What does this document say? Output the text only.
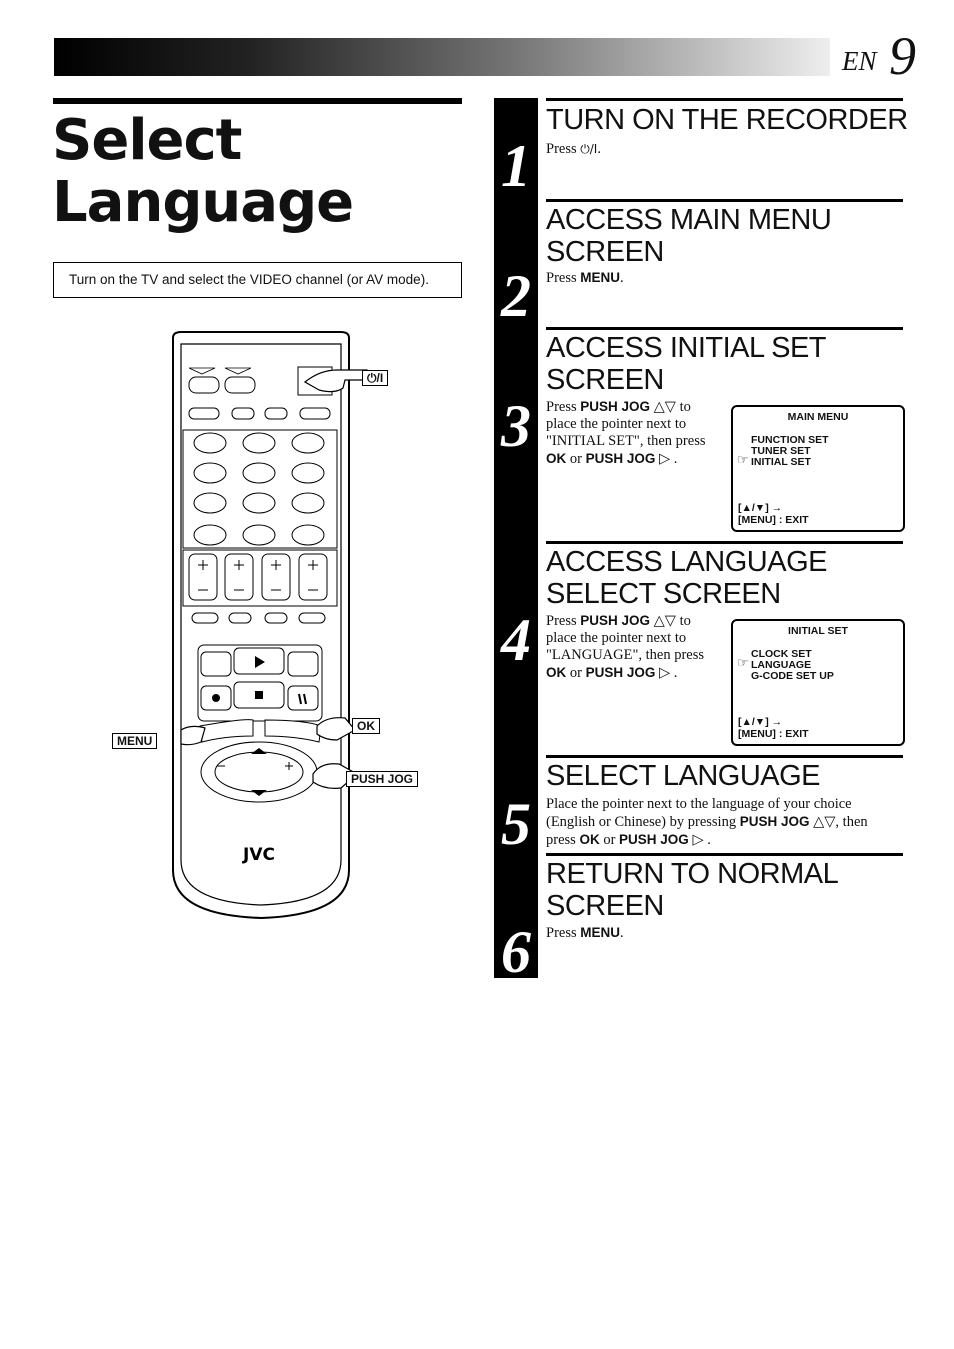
EN 9
Select
Language
Turn on the TV and select the VIDEO channel (or AV mode).
JVC
⏻/I
OK
MENU
PUSH JOG
1
2
3
4
5
6
TURN ON THE RECORDER
Press ⏻/I.
ACCESS MAIN MENU
SCREEN
Press MENU.
ACCESS INITIAL SET
SCREEN
Press PUSH JOG △▽ to
place the pointer next to
"INITIAL SET", then press
OK or PUSH JOG ▷ .
MAIN MENU
FUNCTION SET
TUNER SET
INITIAL SET
☞
[▲/▼] →
[MENU] : EXIT
ACCESS LANGUAGE
SELECT SCREEN
Press PUSH JOG △▽ to
place the pointer next to
"LANGUAGE", then press
OK or PUSH JOG ▷ .
INITIAL SET
CLOCK SET
LANGUAGE
G-CODE SET UP
☞
[▲/▼] →
[MENU] : EXIT
SELECT LANGUAGE
Place the pointer next to the language of your choice
(English or Chinese) by pressing PUSH JOG △▽, then
press OK or PUSH JOG ▷ .
RETURN TO NORMAL
SCREEN
Press MENU.
